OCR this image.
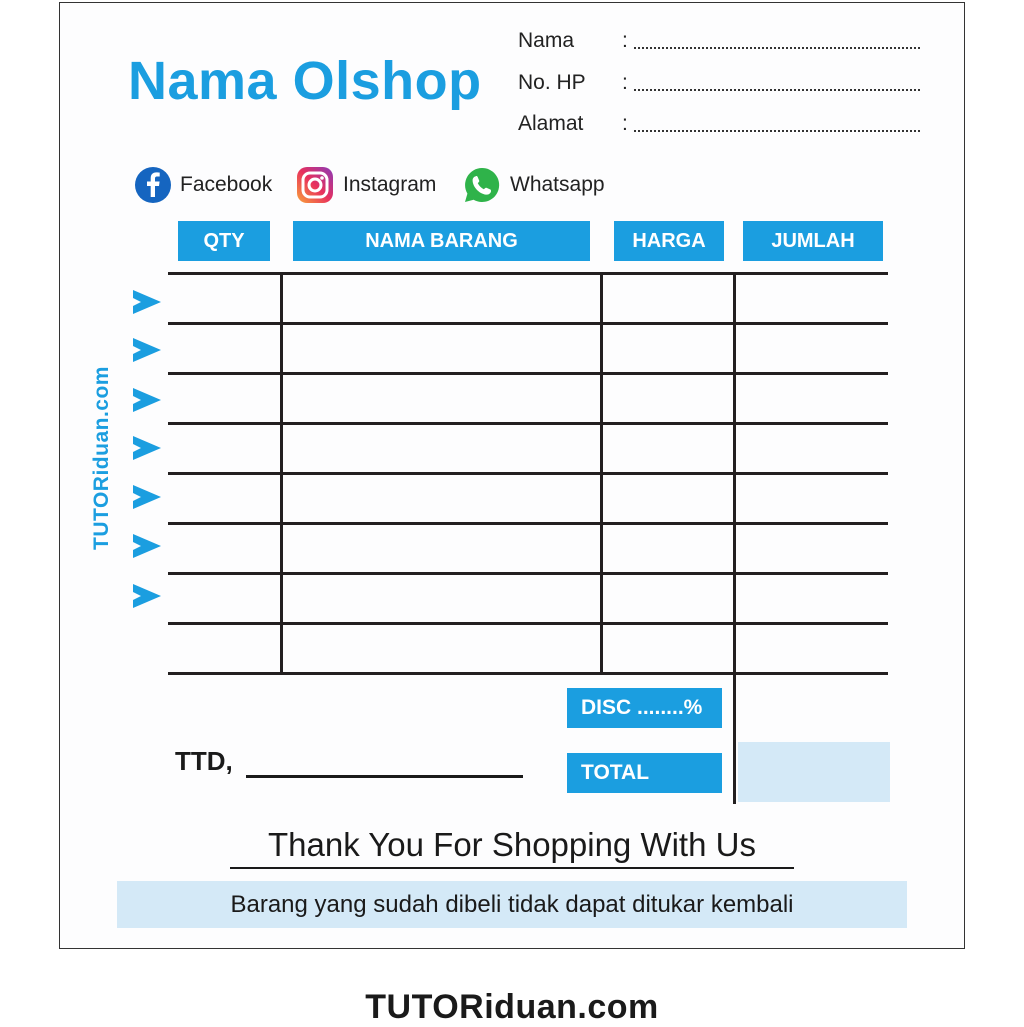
Nama Olshop
Nama :
No. HP :
Alamat :
Facebook	Instagram	Whatsapp
QTY	NAMA BARANG	HARGA	JUMLAH
TUTORiduan.com
DISC ........%
TOTAL
TTD,
Thank You For Shopping With Us
Barang yang sudah dibeli tidak dapat ditukar kembali
TUTORiduan.com
